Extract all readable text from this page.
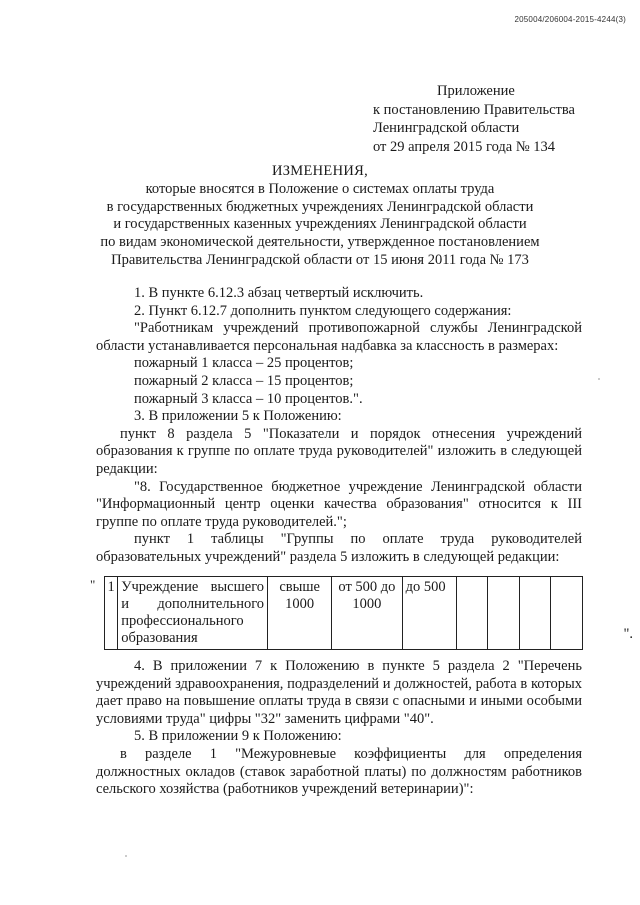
205004/206004-2015-4244(3)
Приложение
к постановлению Правительства
Ленинградской области
от 29 апреля 2015 года № 134
ИЗМЕНЕНИЯ,
которые вносятся в Положение о системах оплаты труда
в государственных бюджетных учреждениях Ленинградской области
и государственных казенных учреждениях Ленинградской области
по видам экономической деятельности, утвержденное постановлением
Правительства Ленинградской области от 15 июня 2011 года № 173

1. В пункте 6.12.3 абзац четвертый исключить.

2. Пункт 6.12.7 дополнить пунктом следующего содержания:

"Работникам учреждений противопожарной службы Ленинградской области устанавливается персональная надбавка за классность в размерах:

пожарный 1 класса – 25 процентов;

пожарный 2 класса – 15 процентов;

пожарный 3 класса – 10 процентов.".

3. В приложении 5 к Положению:

пункт 8 раздела 5 "Показатели и порядок отнесения учреждений образования к группе по оплате труда руководителей" изложить в следующей редакции:

"8. Государственное бюджетное учреждение Ленинградской области "Информационный центр оценки качества образования" относится к III группе по оплате труда руководителей.";

пункт 1 таблицы "Группы по оплате труда руководителей образовательных учреждений" раздела 5 изложить в следующей редакции:

" 1	Учреждение высшего и дополнительного профессионального образования	свыше 1000	от 500 до 1000	до 500				
".

4. В приложении 7 к Положению в пункте 5 раздела 2 "Перечень учреждений здравоохранения, подразделений и должностей, работа в которых дает право на повышение оплаты труда в связи с опасными и иными особыми условиями труда" цифры "32" заменить цифрами "40".

5. В приложении 9 к Положению:

в разделе 1 "Межуровневые коэффициенты для определения должностных окладов (ставок заработной платы) по должностям работников сельского хозяйства (работников учреждений ветеринарии)":
